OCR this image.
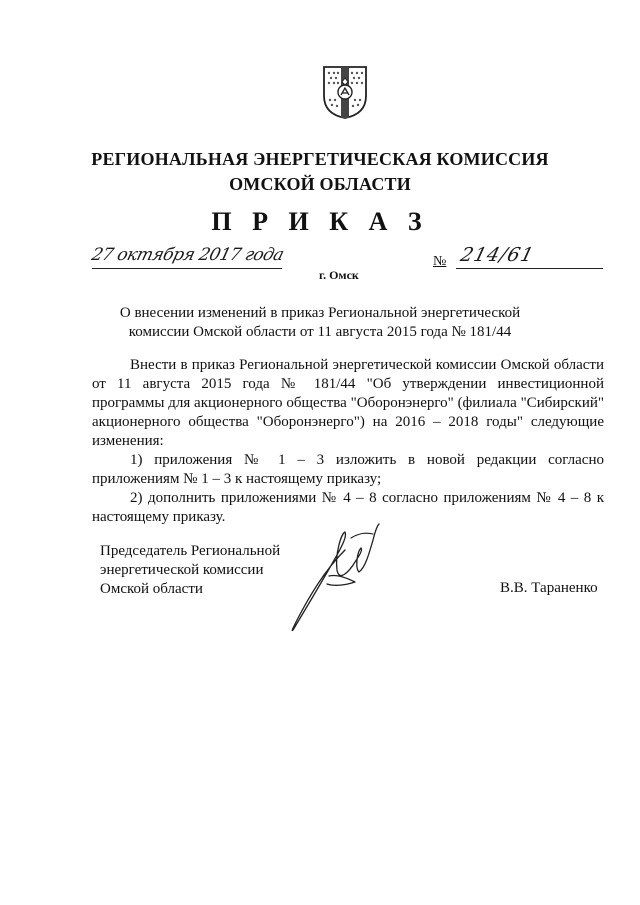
РЕГИОНАЛЬНАЯ ЭНЕРГЕТИЧЕСКАЯ КОМИССИЯ
ОМСКОЙ ОБЛАСТИ
П Р И К А З
27 октября 2017 года
г. Омск
№ 214/61
О внесении изменений в приказ Региональной энергетической
комиссии Омской области от 11 августа 2015 года № 181/44

Внести в приказ Региональной энергетической комиссии Омской области от 11 августа 2015 года № 181/44 "Об утверждении инвестиционной программы для акционерного общества "Оборонэнерго" (филиала "Сибирский" акционерного общества "Оборонэнерго") на 2016 – 2018 годы" следующие изменения:

1) приложения № 1 – 3 изложить в новой редакции согласно приложениям № 1 – 3 к настоящему приказу;

2) дополнить приложениями № 4 – 8 согласно приложениям № 4 – 8 к настоящему приказу.

Председатель Региональной
энергетической комиссии
Омской области	В.В. Тараненко
